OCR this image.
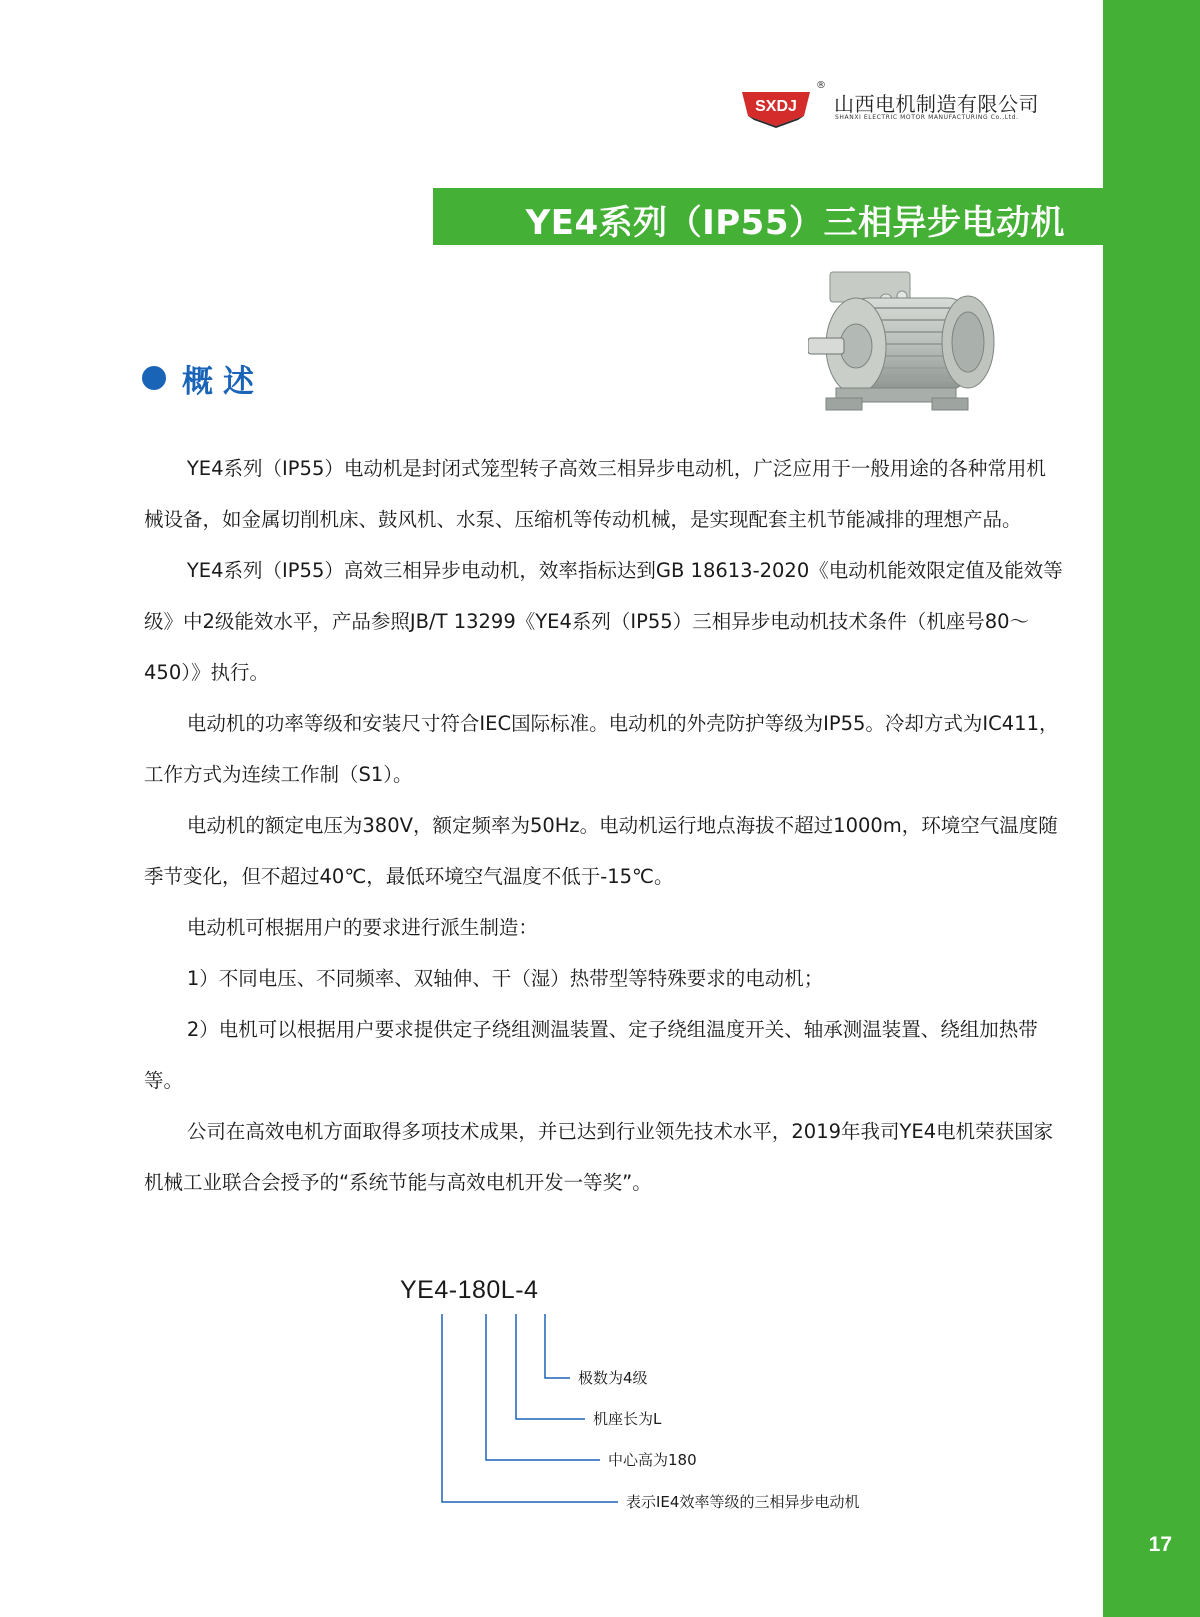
17
SXDJ
®
山西电机制造有限公司
SHANXI ELECTRIC MOTOR MANUFACTURING Co.,Ltd.
YE4系列（IP55）三相异步电动机
概述

YE4系列（IP55）电动机是封闭式笼型转子高效三相异步电动机，广泛应用于一般用途的各种常用机械设备，如金属切削机床、鼓风机、水泵、压缩机等传动机械，是实现配套主机节能减排的理想产品。

YE4系列（IP55）高效三相异步电动机，效率指标达到GB 18613-2020《电动机能效限定值及能效等级》中2级能效水平，产品参照JB/T 13299《YE4系列（IP55）三相异步电动机技术条件（机座号80～450）》执行。

电动机的功率等级和安装尺寸符合IEC国际标准。电动机的外壳防护等级为IP55。冷却方式为IC411，工作方式为连续工作制（S1）。

电动机的额定电压为380V，额定频率为50Hz。电动机运行地点海拔不超过1000m，环境空气温度随季节变化，但不超过40℃，最低环境空气温度不低于-15℃。

电动机可根据用户的要求进行派生制造：

1）不同电压、不同频率、双轴伸、干（湿）热带型等特殊要求的电动机；

2）电机可以根据用户要求提供定子绕组测温装置、定子绕组温度开关、轴承测温装置、绕组加热带等。

公司在高效电机方面取得多项技术成果，并已达到行业领先技术水平，2019年我司YE4电机荣获国家机械工业联合会授予的“系统节能与高效电机开发一等奖”。

YE4-180L-4
极数为4级
机座长为L
中心高为180
表示IE4效率等级的三相异步电动机
